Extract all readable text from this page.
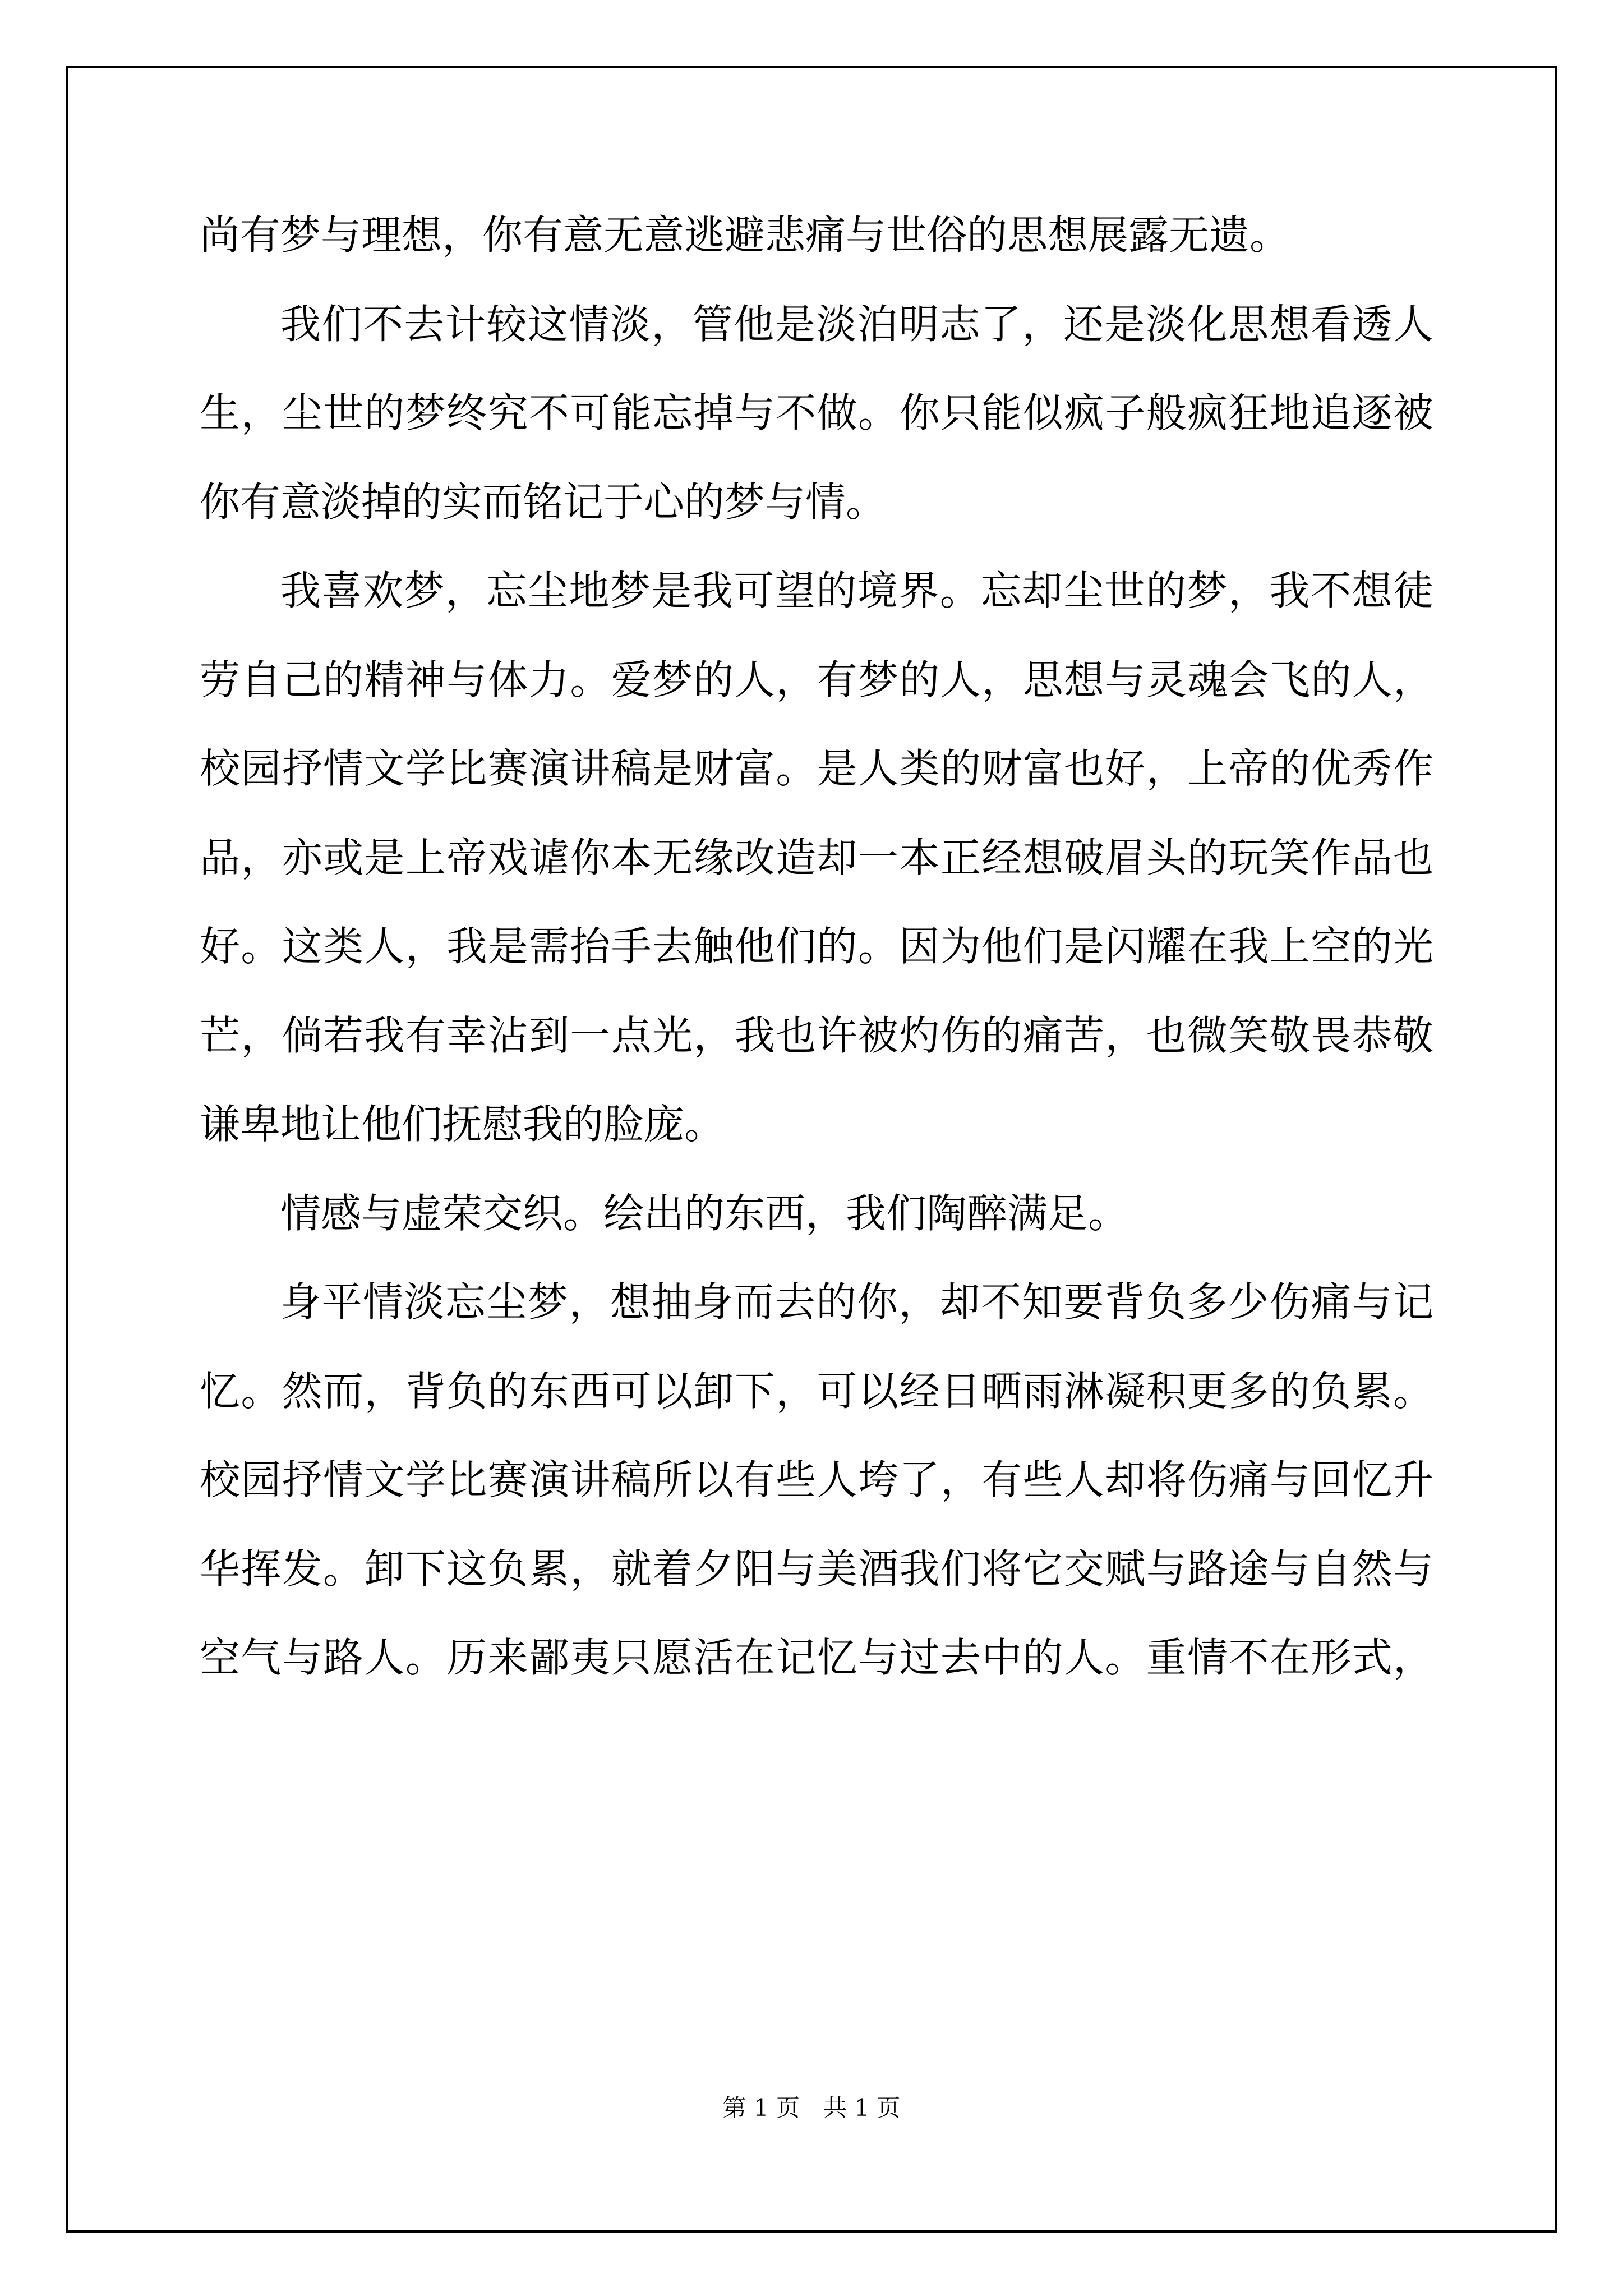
尚有梦与理想，你有意无意逃避悲痛与世俗的思想展露无遗。
我们不去计较这情淡，管他是淡泊明志了，还是淡化思想看透人
生，尘世的梦终究不可能忘掉与不做。你只能似疯子般疯狂地追逐被
你有意淡掉的实而铭记于心的梦与情。
我喜欢梦，忘尘地梦是我可望的境界。忘却尘世的梦，我不想徒
劳自己的精神与体力。爱梦的人，有梦的人，思想与灵魂会飞的人，
校园抒情文学比赛演讲稿是财富。是人类的财富也好，上帝的优秀作
品，亦或是上帝戏谑你本无缘改造却一本正经想破眉头的玩笑作品也
好。这类人，我是需抬手去触他们的。因为他们是闪耀在我上空的光
芒，倘若我有幸沾到一点光，我也许被灼伤的痛苦，也微笑敬畏恭敬
谦卑地让他们抚慰我的脸庞。
情感与虚荣交织。绘出的东西，我们陶醉满足。
身平情淡忘尘梦，想抽身而去的你，却不知要背负多少伤痛与记
忆。然而，背负的东西可以卸下，可以经日晒雨淋凝积更多的负累。
校园抒情文学比赛演讲稿所以有些人垮了，有些人却将伤痛与回忆升
华挥发。卸下这负累，就着夕阳与美酒我们将它交赋与路途与自然与
空气与路人。历来鄙夷只愿活在记忆与过去中的人。重情不在形式，
第 1 页　共 1 页
